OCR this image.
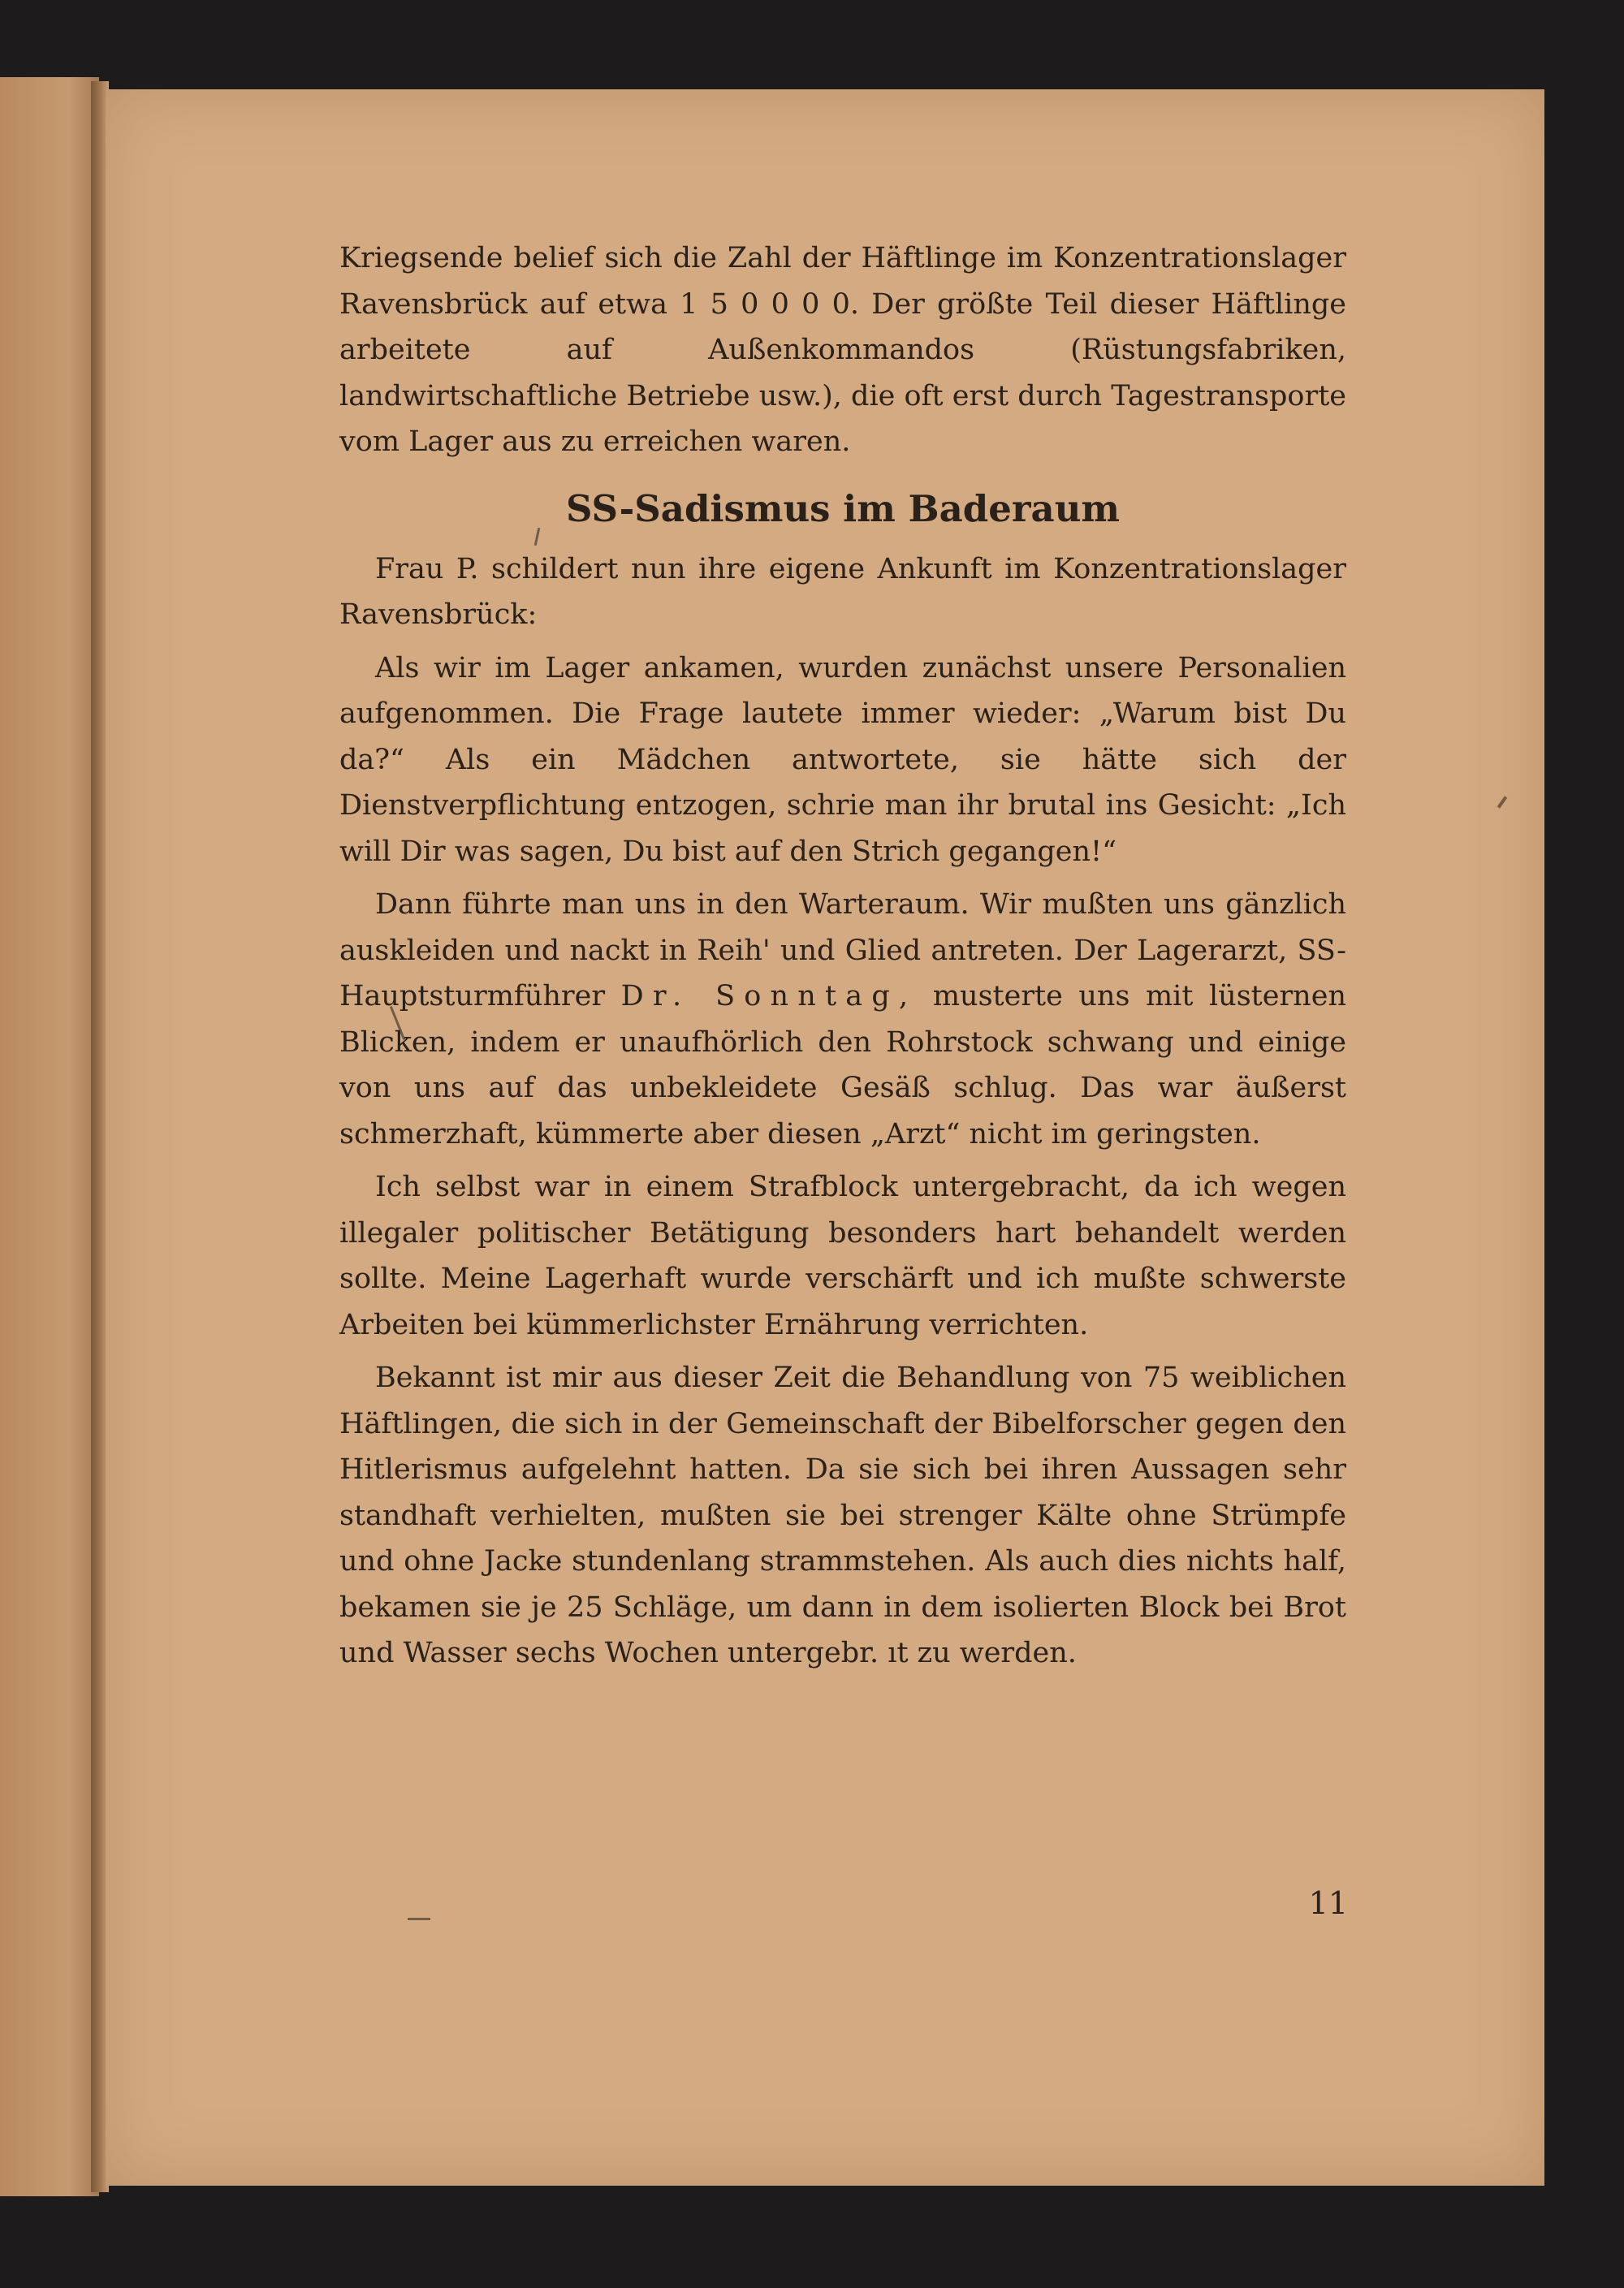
Kriegsende belief sich die Zahl der Häftlinge im Konzentrationslager Ravensbrück auf etwa 1 5 0 0 0 0. Der größte Teil dieser Häftlinge arbeitete auf Außenkommandos (Rüstungsfabriken, landwirtschaftliche Betriebe usw.), die oft erst durch Tagestransporte vom Lager aus zu erreichen waren.

SS-Sadismus im Baderaum

Frau P. schildert nun ihre eigene Ankunft im Konzentrationslager Ravensbrück:

Als wir im Lager ankamen, wurden zunächst unsere Personalien aufgenommen. Die Frage lautete immer wieder: „Warum bist Du da?“ Als ein Mädchen antwortete, sie hätte sich der Dienstverpflichtung entzogen, schrie man ihr brutal ins Gesicht: „Ich will Dir was sagen, Du bist auf den Strich gegangen!“

Dann führte man uns in den Warteraum. Wir mußten uns gänzlich auskleiden und nackt in Reih' und Glied antreten. Der Lagerarzt, SS-Hauptsturmführer Dr. Sonntag, musterte uns mit lüsternen Blicken, indem er unaufhörlich den Rohrstock schwang und einige von uns auf das unbekleidete Gesäß schlug. Das war äußerst schmerzhaft, kümmerte aber diesen „Arzt“ nicht im geringsten.

Ich selbst war in einem Strafblock untergebracht, da ich wegen illegaler politischer Betätigung besonders hart behandelt werden sollte. Meine Lagerhaft wurde verschärft und ich mußte schwerste Arbeiten bei kümmerlichster Ernährung verrichten.

Bekannt ist mir aus dieser Zeit die Behandlung von 75 weiblichen Häftlingen, die sich in der Gemeinschaft der Bibelforscher gegen den Hitlerismus aufgelehnt hatten. Da sie sich bei ihren Aussagen sehr standhaft verhielten, mußten sie bei strenger Kälte ohne Strümpfe und ohne Jacke stundenlang strammstehen. Als auch dies nichts half, bekamen sie je 25 Schläge, um dann in dem isolierten Block bei Brot und Wasser sechs Wochen untergebr. ıt zu werden.

11
